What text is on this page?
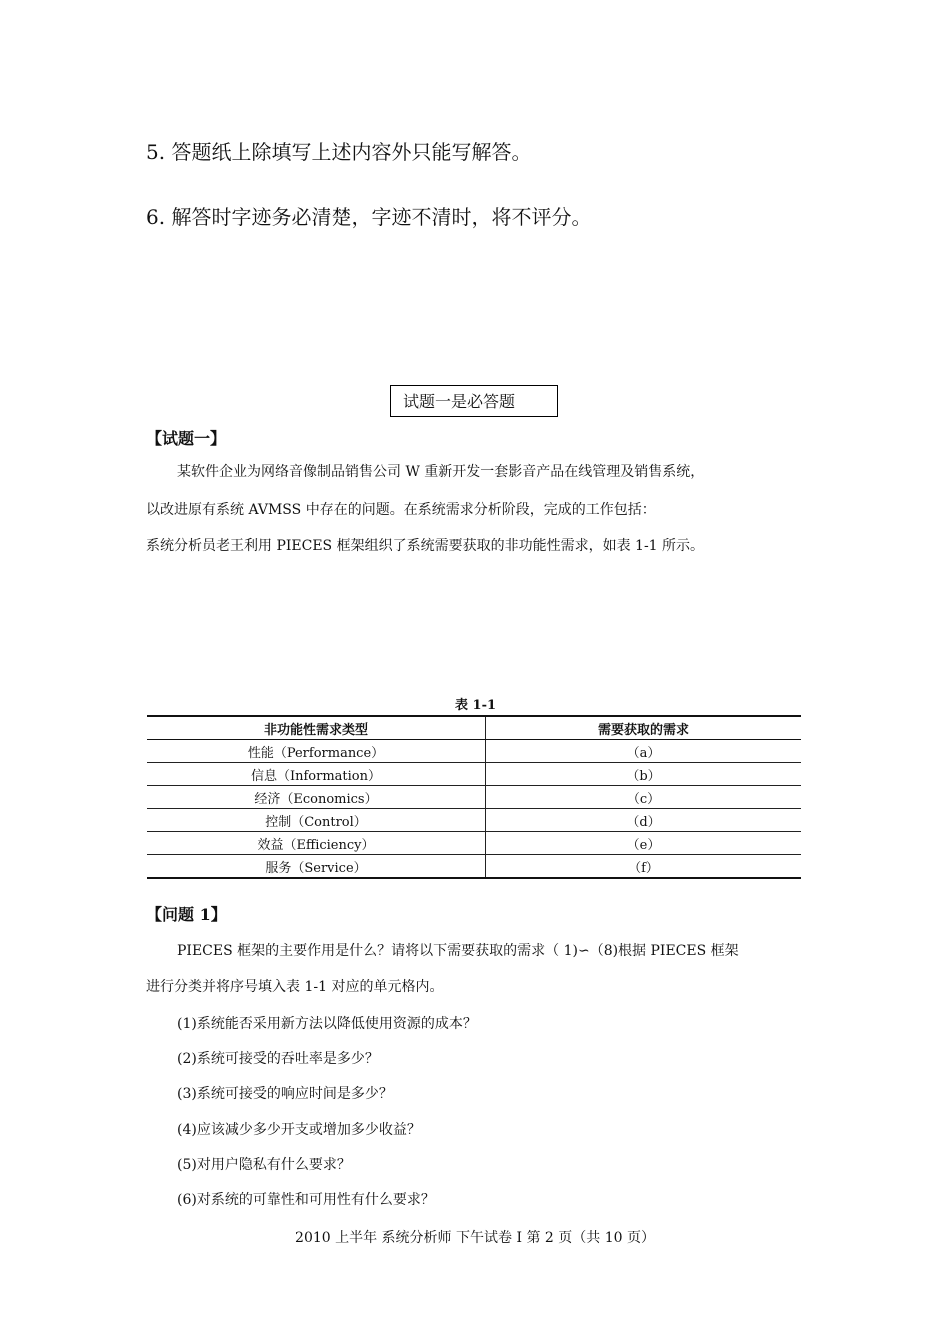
5. 答题纸上除填写上述内容外只能写解答。
6. 解答时字迹务必清楚，字迹不清时，将不评分。
试题一是必答题
【试题一】
某软件企业为网络音像制品销售公司 W 重新开发一套影音产品在线管理及销售系统，
以改进原有系统 AVMSS 中存在的问题。在系统需求分析阶段，完成的工作包括：
系统分析员老王利用 PIECES 框架组织了系统需要获取的非功能性需求，如表 1-1 所示。
表 1-1
非功能性需求类型	需要获取的需求
性能（Performance）	（a）
信息（Information）	（b）
经济（Economics）	（c）
控制（Control）	（d）
效益（Efficiency）	（e）
服务（Service）	（f）
【问题 1】
PIECES 框架的主要作用是什么？请将以下需要获取的需求（ 1)∽（8)根据 PIECES 框架
进行分类并将序号填入表 1-1 对应的单元格内。
(1)系统能否采用新方法以降低使用资源的成本？
(2)系统可接受的吞吐率是多少？
(3)系统可接受的响应时间是多少？
(4)应该减少多少开支或增加多少收益？
(5)对用户隐私有什么要求？
(6)对系统的可靠性和可用性有什么要求？
2010 上半年 系统分析师 下午试卷 I 第 2 页（共 10 页）
